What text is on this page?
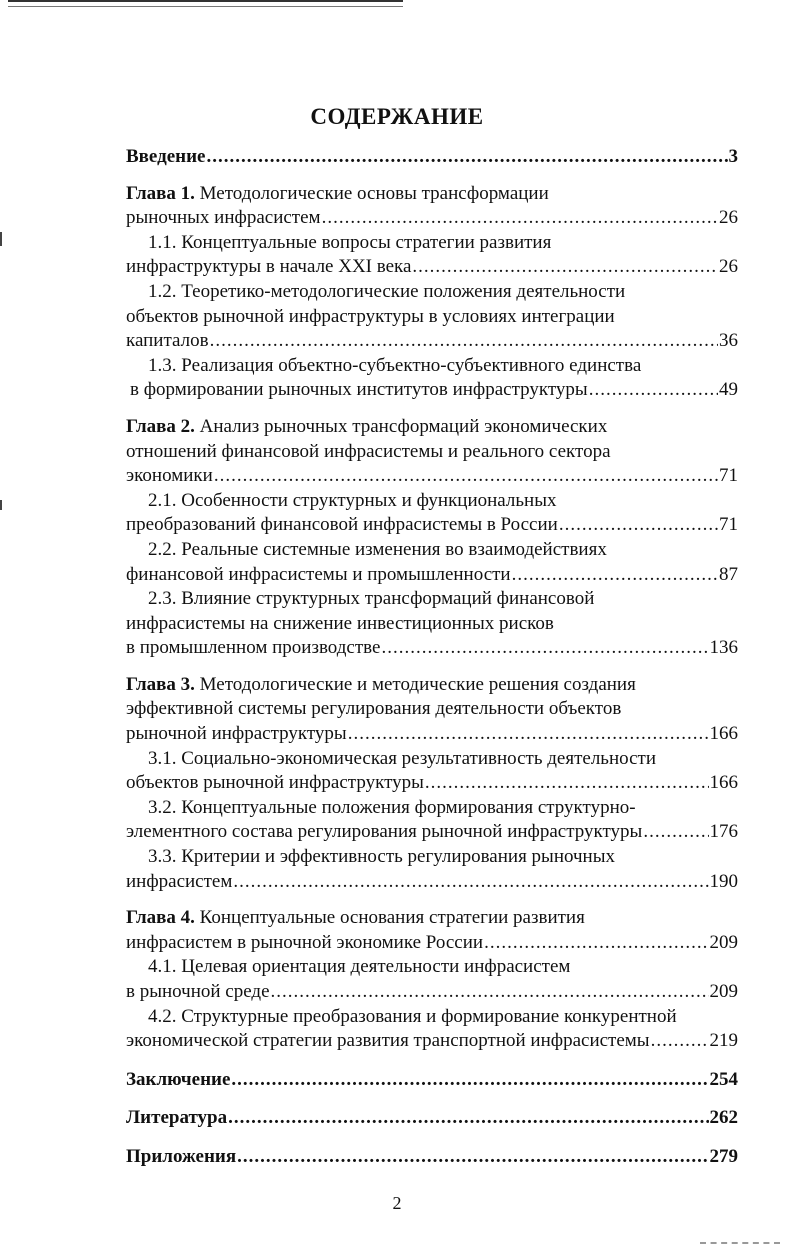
СОДЕРЖАНИЕ
Введение .....	3
Глава 1. Методологические основы трансформации
рыночных инфрасистем .....	26
1.1. Концептуальные вопросы стратегии развития
инфраструктуры в начале XXI века .....	26
1.2. Теоретико-методологические положения деятельности
объектов рыночной инфраструктуры в условиях интеграции
капиталов .....	36
1.3. Реализация объектно-субъектно-субъективного единства
в формировании рыночных институтов инфраструктуры .....	49
Глава 2. Анализ рыночных трансформаций экономических
отношений финансовой инфрасистемы и реального сектора
экономики .....	71
2.1. Особенности структурных и функциональных
преобразований финансовой инфрасистемы в России .....	71
2.2. Реальные системные изменения во взаимодействиях
финансовой инфрасистемы и промышленности .....	87
2.3. Влияние структурных трансформаций финансовой
инфрасистемы на снижение инвестиционных рисков
в промышленном производстве .....	136
Глава 3. Методологические и методические решения создания
эффективной системы регулирования деятельности объектов
рыночной инфраструктуры .....	166
3.1. Социально-экономическая результативность деятельности
объектов рыночной инфраструктуры .....	166
3.2. Концептуальные положения формирования структурно-
элементного состава регулирования рыночной инфраструктуры .....	176
3.3. Критерии и эффективность регулирования рыночных
инфрасистем .....	190
Глава 4. Концептуальные основания стратегии развития
инфрасистем в рыночной экономике России .....	209
4.1. Целевая ориентация деятельности инфрасистем
в рыночной среде .....	209
4.2. Структурные преобразования и формирование конкурентной
экономической стратегии развития транспортной инфрасистемы .....	219
Заключение .....	254
Литература .....	262
Приложения .....	279
2
